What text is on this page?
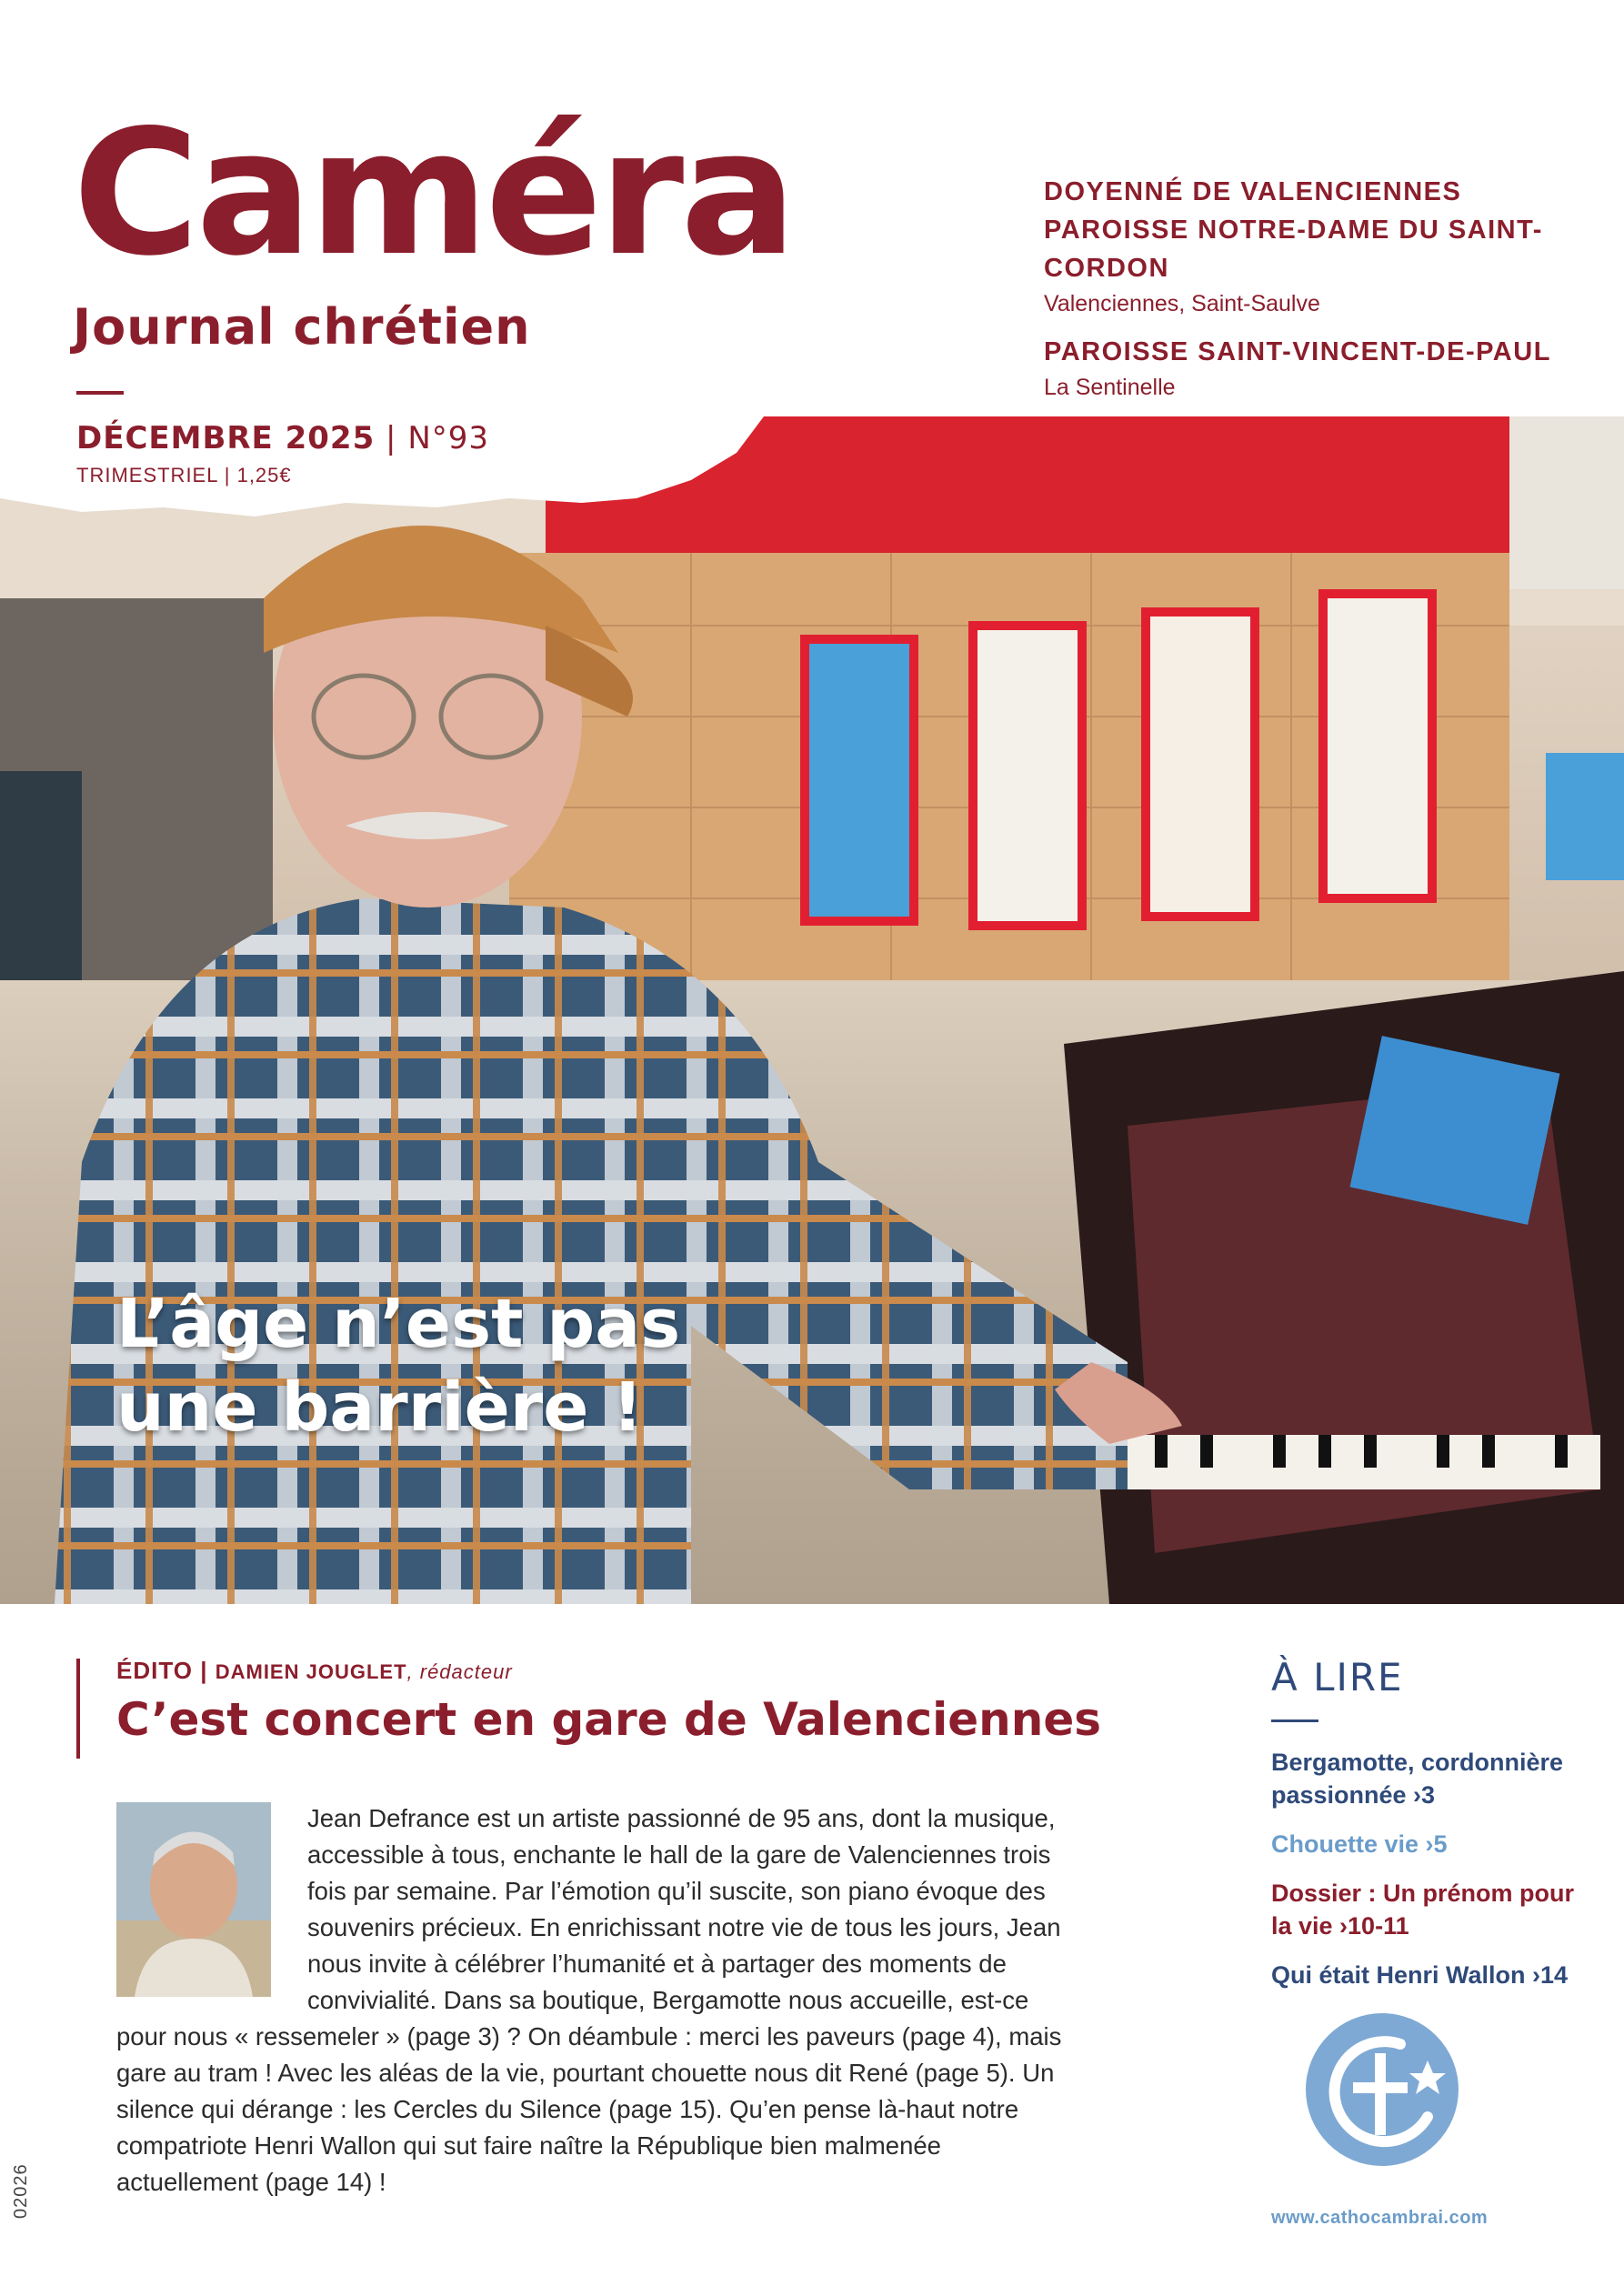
Caméra
Journal chrétien
DOYENNÉ DE VALENCIENNES
PAROISSE NOTRE-DAME DU SAINT-CORDON
Valenciennes, Saint-Saulve
PAROISSE SAINT-VINCENT-DE-PAUL
La Sentinelle
DÉCEMBRE 2025 | N°93
TRIMESTRIEL | 1,25€
L’âge n’est pas
une barrière !
ÉDITO | DAMIEN JOUGLET, rédacteur
C’est concert en gare de Valenciennes
Jean Defrance est un artiste passionné de 95 ans, dont la musique, accessible à tous, enchante le hall de la gare de Valenciennes trois fois par semaine. Par l’émotion qu’il suscite, son piano évoque des souvenirs précieux. En enrichissant notre vie de tous les jours, Jean nous invite à célébrer l’humanité et à partager des moments de convivialité. Dans sa boutique, Bergamotte nous accueille, est-ce pour nous « ressemeler » (page 3) ? On déambule : merci les paveurs (page 4), mais gare au tram ! Avec les aléas de la vie, pourtant chouette nous dit René (page 5). Un silence qui dérange : les Cercles du Silence (page 15). Qu’en pense là-haut notre compatriote Henri Wallon qui sut faire naître la République bien malmenée actuellement (page 14) !
À LIRE
Bergamotte, cordonnière passionnée ›3
Chouette vie ›5
Dossier : Un prénom pour la vie ›10-11
Qui était Henri Wallon ›14
www.cathocambrai.com
02026
